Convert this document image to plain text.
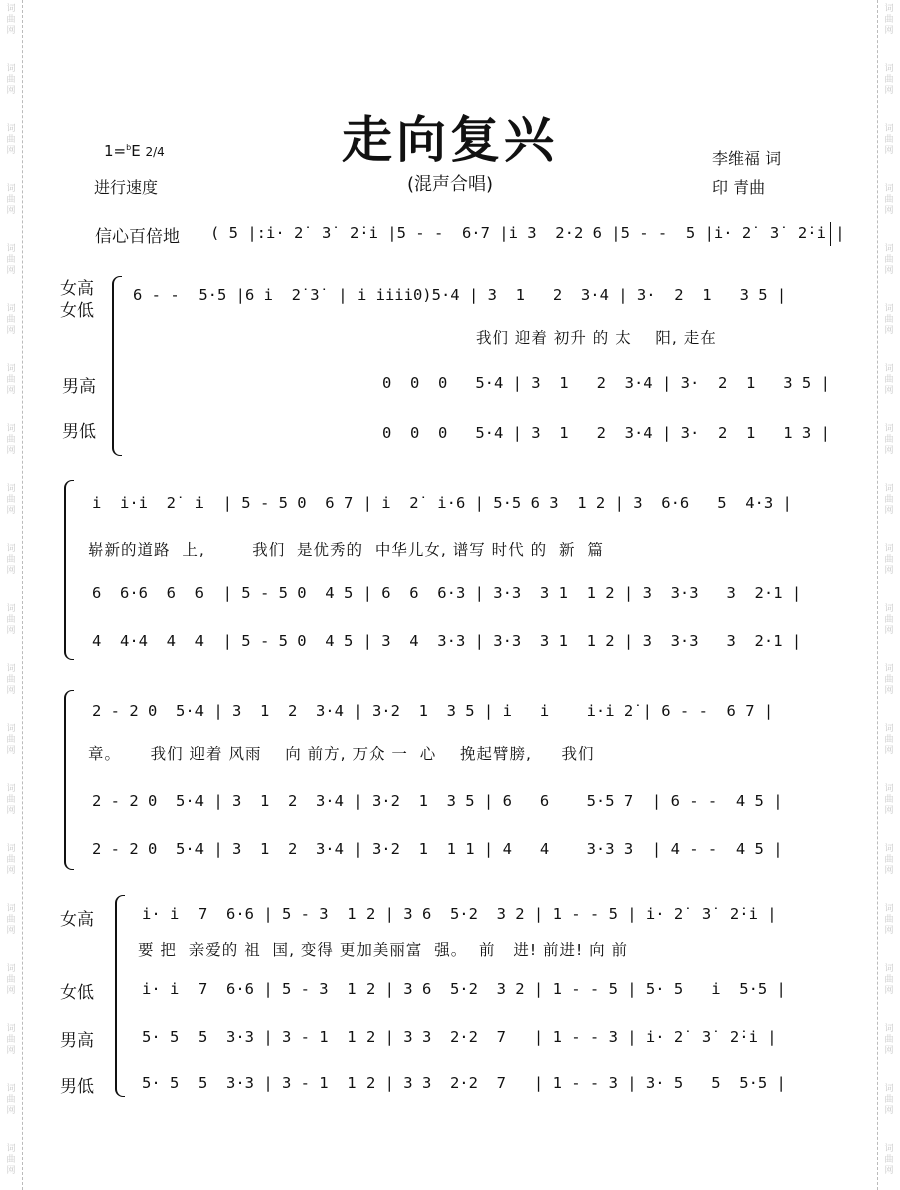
词
曲
网
词
曲
网
词
曲
网
词
曲
网
词
曲
网
词
曲
网
词
曲
网
词
曲
网
词
曲
网
词
曲
网
词
曲
网
词
曲
网
词
曲
网
词
曲
网
词
曲
网
词
曲
网
词
曲
网
词
曲
网
词
曲
网
词
曲
网
词
曲
网
词
曲
网
词
曲
网
词
曲
网
词
曲
网
词
曲
网
词
曲
网
词
曲
网
词
曲
网
词
曲
网
词
曲
网
词
曲
网
词
曲
网
词
曲
网
词
曲
网
词
曲
网
词
曲
网
词
曲
网
词
曲
网
词
曲
网
走向复兴
(混声合唱)
1=$^b$E 2/4
进行速度
李维福 词
印 青曲
信心百倍地 ( 5 |:i· 2̇  3̇  2̇·i |5 - -  6·7 |i 3  2·2 6 |5 - -  5 |i· 2̇  3̇  2̇·i |
女高
女低
男高
男低
6 - -  5·5 |6 i  2̇ 3̇  | i iiii0)5·4 | 3  1   2  3·4 | 3·  2  1   3 5 |
我们 迎着 初升 的 太    阳, 走在
0  0  0   5·4 | 3  1   2  3·4 | 3·  2  1   3 5 |
0  0  0   5·4 | 3  1   2  3·4 | 3·  2  1   1 3 |
i  i·i  2̇  i  | 5 - 5 0  6 7 | i  2̇  i·6 | 5·5 6 3  1 2 | 3  6·6   5  4·3 |
崭新的道路  上,        我们  是优秀的  中华儿女, 谱写 时代 的  新  篇
6  6·6  6  6  | 5 - 5 0  4 5 | 6  6  6·3 | 3·3  3 1  1 2 | 3  3·3   3  2·1 |
4  4·4  4  4  | 5 - 5 0  4 5 | 3  4  3·3 | 3·3  3 1  1 2 | 3  3·3   3  2·1 |
2 - 2 0  5·4 | 3  1  2  3·4 | 3·2  1  3 5 | i   i    i·i 2̇ | 6 - -  6 7 |
章。     我们 迎着 风雨    向 前方, 万众 一  心    挽起臂膀,     我们
2 - 2 0  5·4 | 3  1  2  3·4 | 3·2  1  3 5 | 6   6    5·5 7  | 6 - -  4 5 |
2 - 2 0  5·4 | 3  1  2  3·4 | 3·2  1  1 1 | 4   4    3·3 3  | 4 - -  4 5 |
女高
女低
男高
男低
i· i  7  6·6 | 5 - 3  1 2 | 3 6  5·2  3 2 | 1 - - 5 | i· 2̇  3̇  2̇·i |
要 把  亲爱的 祖  国, 变得 更加美丽富  强。  前   进! 前进! 向 前
i· i  7  6·6 | 5 - 3  1 2 | 3 6  5·2  3 2 | 1 - - 5 | 5· 5   i  5·5 |
5· 5  5  3·3 | 3 - 1  1 2 | 3 3  2·2  7   | 1 - - 3 | i· 2̇  3̇  2̇·i |
5· 5  5  3·3 | 3 - 1  1 2 | 3 3  2·2  7   | 1 - - 3 | 3· 5   5  5·5 |
